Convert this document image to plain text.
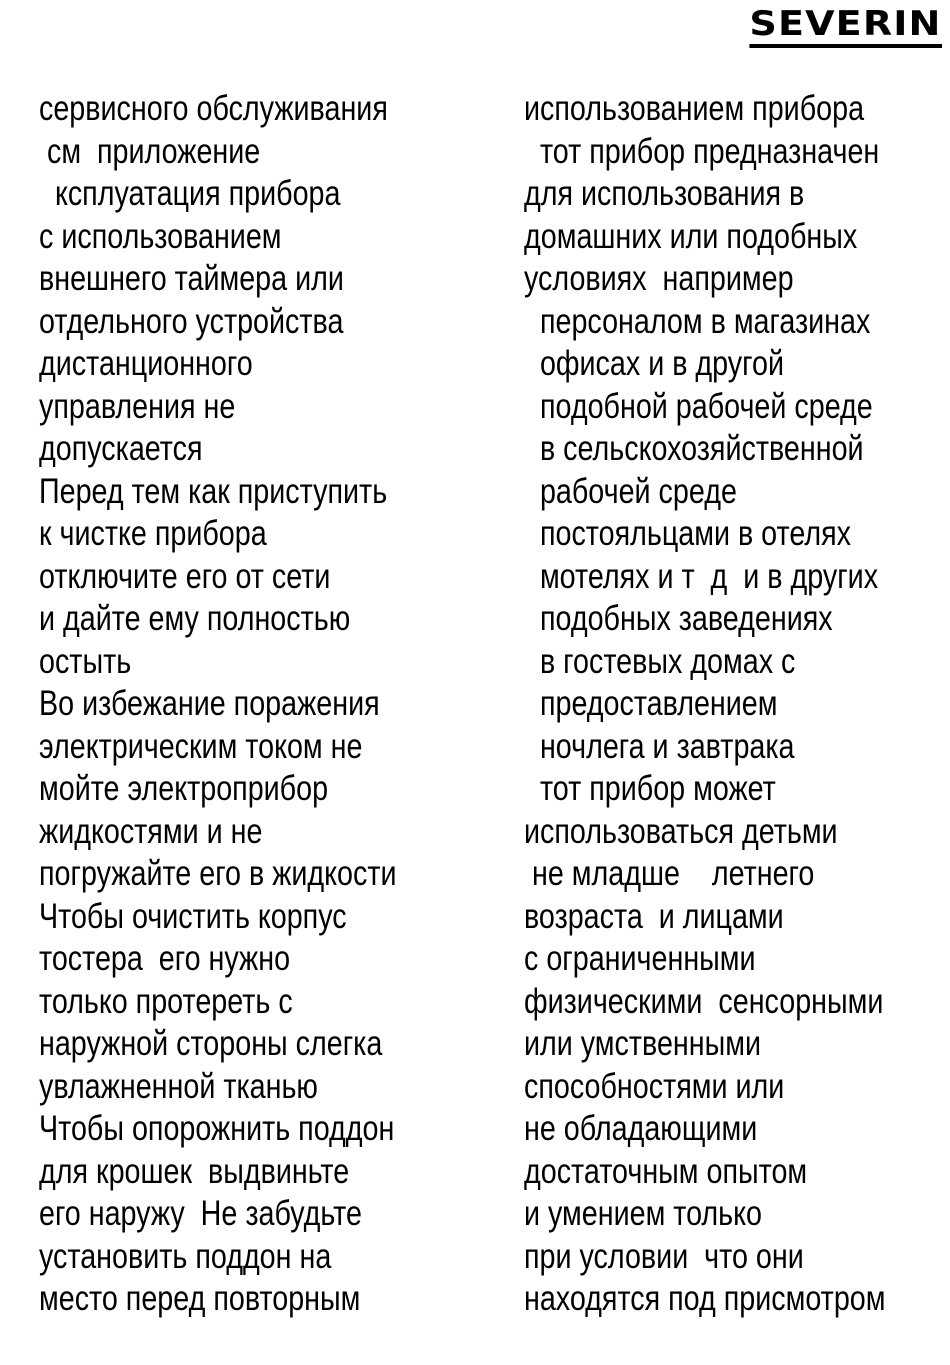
SEVERIN
сервисного обслуживания
см  приложение
ксплуатация прибора
с использованием
внешнего таймера или
отдельного устройства
дистанционного
управления не
допускается
Перед тем как приступить
к чистке прибора
отключите его от сети
и дайте ему полностью
остыть
Во избежание поражения
электрическим током не
мойте электроприбор
жидкостями и не
погружайте его в жидкости
Чтобы очистить корпус
тостера  его нужно
только протереть с
наружной стороны слегка
увлажненной тканью
Чтобы опорожнить поддон
для крошек  выдвиньте
его наружу  Не забудьте
установить поддон на
место перед повторным
использованием прибора
тот прибор предназначен
для использования в
домашних или подобных
условиях  например
персоналом в магазинах
офисах и в другой
подобной рабочей среде
в сельскохозяйственной
рабочей среде
постояльцами в отелях
мотелях и т  д  и в других
подобных заведениях
в гостевых домах с
предоставлением
ночлега и завтрака
тот прибор может
использоваться детьми
не младше    летнего
возраста  и лицами
с ограниченными
физическими  сенсорными
или умственными
способностями или
не обладающими
достаточным опытом
и умением только
при условии  что они
находятся под присмотром
